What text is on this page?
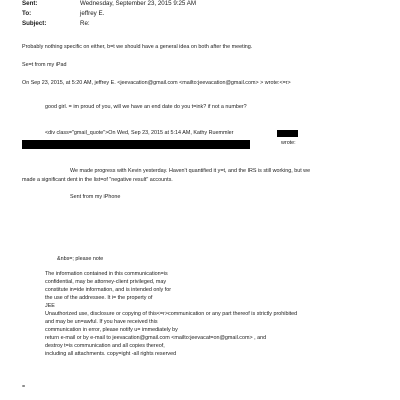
Sent:	Wednesday, September 23, 2015 9:25 AM
To:	jeffrey E.
Subject:	Re:
Probably nothing specific on either, b=t we should have a general idea on both after the meeting.
Se=t from my iPad
On Sep 23, 2015, at 5:20 AM, jeffrey E. <jeevacation@gmail.com <mailto:jeevacation@gmail.com> > wrote:<=r>
good girl. = im proud of you, will we have an end date do you t=ink? if not a number?
<div class="gmail_quote">On Wed, Sep 23, 2015 at 5:14 AM, Kathy Ruemmler
wrote:
We made progress with Kevin yesterday. Haven't quantified it y=t, and the IRS is still working, but we
made a significant dent in the list=of "negative result" accounts.
Sent from my iPhone
&nbs=; please note
The information contained in this communication=is
confidential, may be attorney-client privileged, may
constitute in=ide information, and is intended only for
the use of the addressee. It i= the property of
JEE
Unauthorized use, disclosure or copying of this<=r>communication or any part thereof is strictly prohibited
and may be un=awful. If you have received this
communication in error, please notify u= immediately by
return e-mail or by e-mail to jeevacation@gmail.com <mailto:jeevacat=on@gmail.com> , and
destroy t=is communication and all copies thereof,
including all attachments. copy=ight -all rights reserved
=
